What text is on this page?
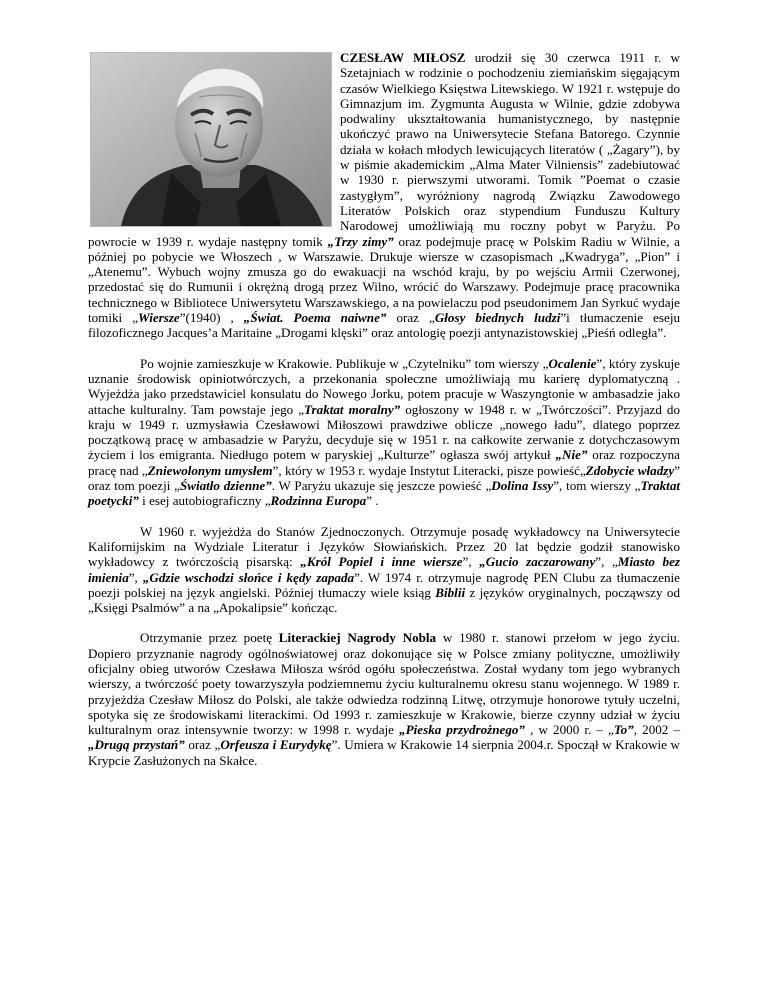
CZESŁAW MIŁOSZ urodził się 30 czerwca 1911 r. w Szetajniach w rodzinie o pochodzeniu ziemiańskim sięgającym czasów Wielkiego Księstwa Litewskiego. W 1921 r. wstępuje do Gimnazjum im. Zygmunta Augusta w Wilnie, gdzie zdobywa podwaliny ukształtowania humanistycznego, by następnie ukończyć prawo na Uniwersytecie Stefana Batorego. Czynnie działa w kołach młodych lewicujących literatów ( „Żagary”), by w piśmie akademickim „Alma Mater Vilniensis” zadebiutować w 1930 r. pierwszymi utworami. Tomik ”Poemat o czasie zastygłym”, wyróżniony nagrodą Związku Zawodowego Literatów Polskich oraz stypendium Funduszu Kultury Narodowej umożliwiają mu roczny pobyt w Paryżu. Po powrocie w 1939 r. wydaje następny tomik „Trzy zimy” oraz podejmuje pracę w Polskim Radiu w Wilnie, a później po pobycie we Włoszech , w Warszawie. Drukuje wiersze w czasopismach „Kwadryga”, „Pion” i „Atenemu”. Wybuch wojny zmusza go do ewakuacji na wschód kraju, by po wejściu Armii Czerwonej, przedostać się do Rumunii i okrężną drogą przez Wilno, wrócić do Warszawy. Podejmuje pracę pracownika technicznego w Bibliotece Uniwersytetu Warszawskiego, a na powielaczu pod pseudonimem Jan Syrkuć wydaje tomiki „Wiersze”(1940) , „Świat. Poema naiwne” oraz „Głosy biednych ludzi”i tłumaczenie eseju filozoficznego Jacques’a Maritaine „Drogami klęski” oraz antologię poezji antynazistowskiej „Pieśń odległa”.

Po wojnie zamieszkuje w Krakowie. Publikuje w „Czytelniku” tom wierszy „Ocalenie”, który zyskuje uznanie środowisk opiniotwórczych, a przekonania społeczne umożliwiają mu karierę dyplomatyczną . Wyjeżdża jako przedstawiciel konsulatu do Nowego Jorku, potem pracuje w Waszyngtonie w ambasadzie jako attache kulturalny. Tam powstaje jego „Traktat moralny” ogłoszony w 1948 r. w „Twórczości”. Przyjazd do kraju w 1949 r. uzmysławia Czesławowi Miłoszowi prawdziwe oblicze „nowego ładu”, dlatego poprzez początkową pracę w ambasadzie w Paryżu, decyduje się w 1951 r. na całkowite zerwanie z dotychczasowym życiem i los emigranta. Niedługo potem w paryskiej „Kulturze” ogłasza swój artykuł „Nie” oraz rozpoczyna pracę nad „Zniewolonym umysłem”, który w 1953 r. wydaje Instytut Literacki, pisze powieść„Zdobycie władzy” oraz tom poezji „Światło dzienne”. W Paryżu ukazuje się jeszcze powieść „Dolina Issy”, tom wierszy „Traktat poetycki” i esej autobiograficzny „Rodzinna Europa” .

W 1960 r. wyjeżdża do Stanów Zjednoczonych. Otrzymuje posadę wykładowcy na Uniwersytecie Kalifornijskim na Wydziale Literatur i Języków Słowiańskich. Przez 20 lat będzie godził stanowisko wykładowcy z twórczością pisarską: „Król Popiel i inne wiersze”, „Gucio zaczarowany”, „Miasto bez imienia”, „Gdzie wschodzi słońce i kędy zapada”. W 1974 r. otrzymuje nagrodę PEN Clubu za tłumaczenie poezji polskiej na język angielski. Później tłumaczy wiele ksiąg Biblii z języków oryginalnych, począwszy od „Księgi Psalmów” a na „Apokalipsie” kończąc.

Otrzymanie przez poetę Literackiej Nagrody Nobla w 1980 r. stanowi przełom w jego życiu. Dopiero przyznanie nagrody ogólnoświatowej oraz dokonujące się w Polsce zmiany polityczne, umożliwiły oficjalny obieg utworów Czesława Miłosza wśród ogółu społeczeństwa. Został wydany tom jego wybranych wierszy, a twórczość poety towarzyszyła podziemnemu życiu kulturalnemu okresu stanu wojennego. W 1989 r. przyjeżdża Czesław Miłosz do Polski, ale także odwiedza rodzinną Litwę, otrzymuje honorowe tytuły uczelni, spotyka się ze środowiskami literackimi. Od 1993 r. zamieszkuje w Krakowie, bierze czynny udział w życiu kulturalnym oraz intensywnie tworzy: w 1998 r. wydaje „Pieska przydrożnego” , w 2000 r. – „To”, 2002 – „Drugą przystań” oraz „Orfeusza i Eurydykę”. Umiera w Krakowie 14 sierpnia 2004.r. Spoczął w Krakowie w Krypcie Zasłużonych na Skałce.
